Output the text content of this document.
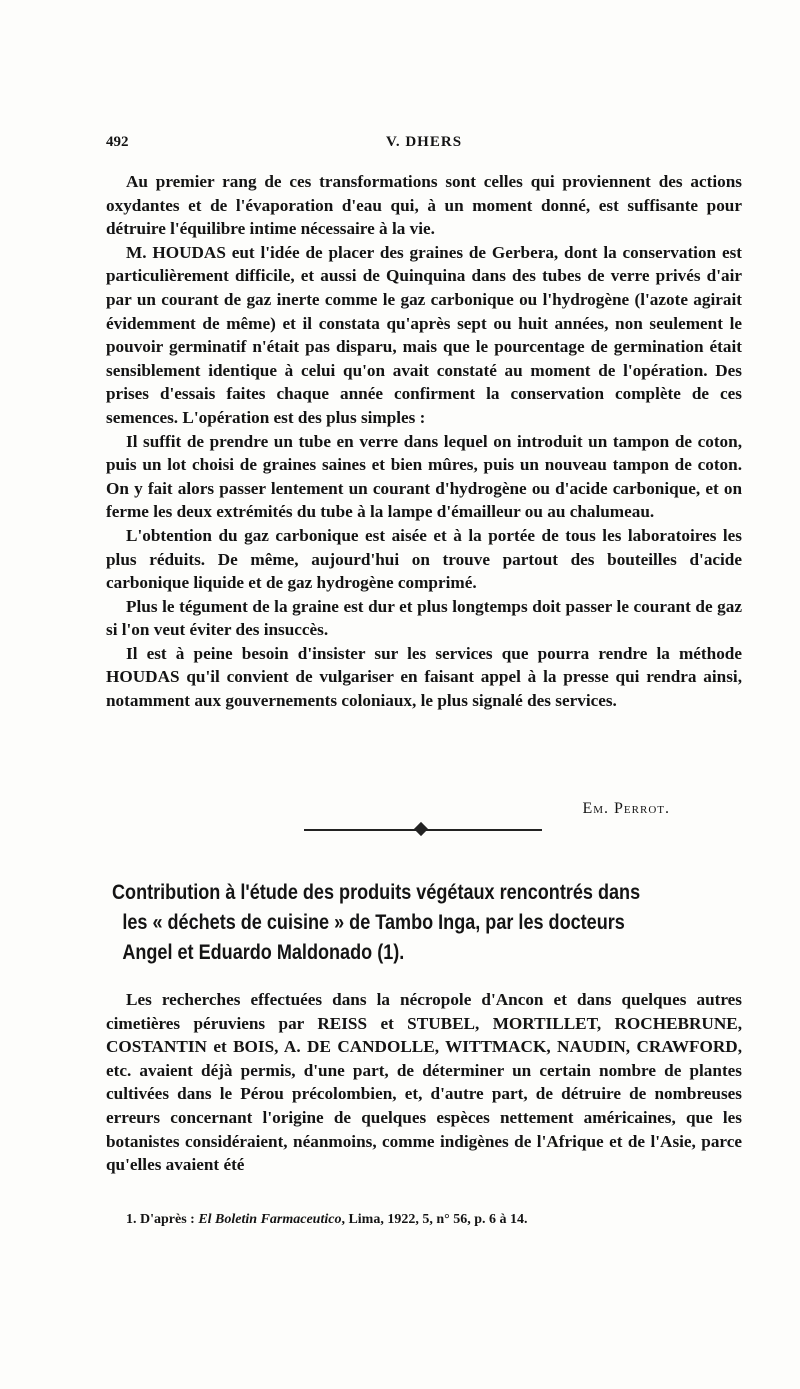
492	V. DHERS

Au premier rang de ces transformations sont celles qui proviennent des actions oxydantes et de l'évaporation d'eau qui, à un moment donné, est suffisante pour détruire l'équilibre intime nécessaire à la vie.

M. HOUDAS eut l'idée de placer des graines de Gerbera, dont la conservation est particulièrement difficile, et aussi de Quinquina dans des tubes de verre privés d'air par un courant de gaz inerte comme le gaz carbonique ou l'hydrogène (l'azote agirait évidemment de même) et il constata qu'après sept ou huit années, non seulement le pouvoir germinatif n'était pas disparu, mais que le pourcentage de germination était sensiblement identique à celui qu'on avait constaté au moment de l'opération. Des prises d'essais faites chaque année confirment la conservation complète de ces semences. L'opération est des plus simples :

Il suffit de prendre un tube en verre dans lequel on introduit un tampon de coton, puis un lot choisi de graines saines et bien mûres, puis un nouveau tampon de coton. On y fait alors passer lentement un courant d'hydrogène ou d'acide carbonique, et on ferme les deux extrémités du tube à la lampe d'émailleur ou au chalumeau.

L'obtention du gaz carbonique est aisée et à la portée de tous les laboratoires les plus réduits. De même, aujourd'hui on trouve partout des bouteilles d'acide carbonique liquide et de gaz hydrogène comprimé.

Plus le tégument de la graine est dur et plus longtemps doit passer le courant de gaz si l'on veut éviter des insuccès.

Il est à peine besoin d'insister sur les services que pourra rendre la méthode HOUDAS qu'il convient de vulgariser en faisant appel à la presse qui rendra ainsi, notamment aux gouvernements coloniaux, le plus signalé des services.

Em. Perrot.
Contribution à l'étude des produits végétaux rencontrés dans
les « déchets de cuisine » de Tambo Inga, par les docteurs
Angel et Eduardo Maldonado (1).

Les recherches effectuées dans la nécropole d'Ancon et dans quelques autres cimetières péruviens par REISS et STUBEL, MORTILLET, ROCHEBRUNE, COSTANTIN et BOIS, A. DE CANDOLLE, WITTMACK, NAUDIN, CRAWFORD, etc. avaient déjà permis, d'une part, de déterminer un certain nombre de plantes cultivées dans le Pérou précolombien, et, d'autre part, de détruire de nombreuses erreurs concernant l'origine de quelques espèces nettement américaines, que les botanistes considéraient, néanmoins, comme indigènes de l'Afrique et de l'Asie, parce qu'elles avaient été

1. D'après : El Boletin Farmaceutico, Lima, 1922, 5, n° 56, p. 6 à 14.
